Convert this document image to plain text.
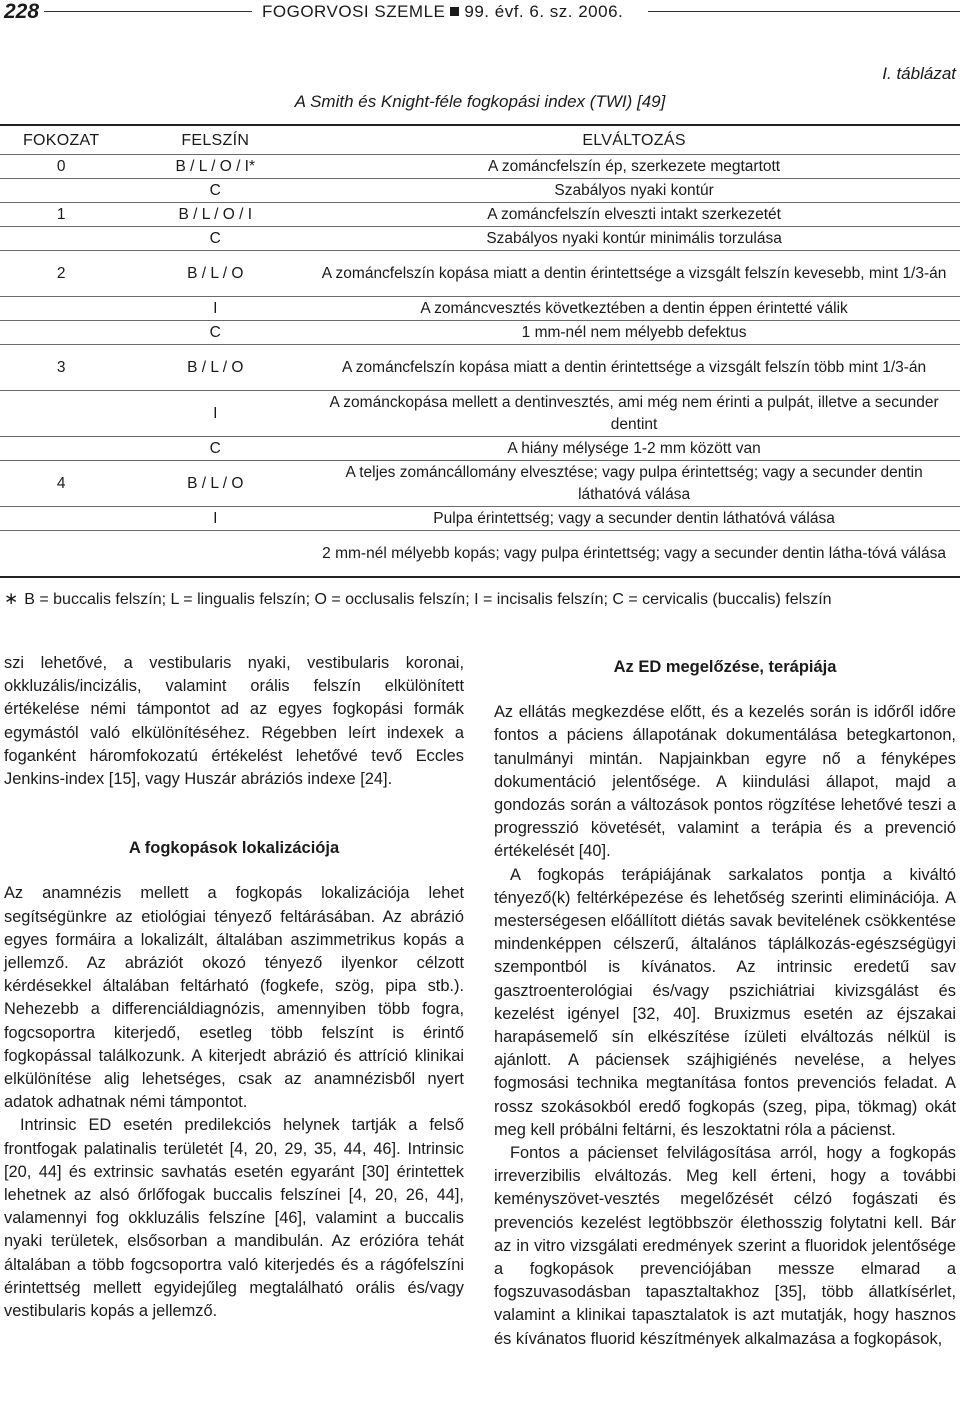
228	FOGORVOSI SZEMLE 99. évf. 6. sz. 2006.
I. táblázat
A Smith és Knight-féle fogkopási index (TWI) [49]
FOKOZAT	FELSZÍN	ELVÁLTOZÁS
0	B / L / O / I*	A zománcfelszín ép, szerkezete megtartott
	C	Szabályos nyaki kontúr
1	B / L / O / I	A zománcfelszín elveszti intakt szerkezetét
	C	Szabályos nyaki kontúr minimális torzulása
2	B / L / O	A zománcfelszín kopása miatt a dentin érintettsége a vizsgált felszín kevesebb, mint 1/3-án
	I	A zománcvesztés következtében a dentin éppen érintetté válik
	C	1 mm-nél nem mélyebb defektus
3	B / L / O	A zománcfelszín kopása miatt a dentin érintettsége a vizsgált felszín több mint 1/3-án
	I	A zománckopása mellett a dentinvesztés, ami még nem érinti a pulpát, illetve a secunder dentint
	C	A hiány mélysége 1-2 mm között van
4	B / L / O	A teljes zománcállomány elvesztése; vagy pulpa érintettség; vagy a secunder dentin láthatóvá válása
	I	Pulpa érintettség; vagy a secunder dentin láthatóvá válása
		2 mm-nél mélyebb kopás; vagy pulpa érintettség; vagy a secunder dentin látha-tóvá válása
∗ B = buccalis felszín; L = lingualis felszín; O = occlusalis felszín; I = incisalis felszín; C = cervicalis (buccalis) felszín

szi lehetővé, a vestibularis nyaki, vestibularis koronai, okkluzális/incizális, valamint orális felszín elkülönített értékelése némi támpontot ad az egyes fogkopási formák egymástól való elkülönítéséhez. Régebben leírt indexek a foganként háromfokozatú értékelést lehetővé tevő Eccles Jenkins-index [15], vagy Huszár abráziós indexe [24].

A fogkopások lokalizációja

Az anamnézis mellett a fogkopás lokalizációja lehet segítségünkre az etiológiai tényező feltárásában. Az abrázió egyes formáira a lokalizált, általában aszimmetrikus kopás a jellemző. Az abráziót okozó tényező ilyenkor célzott kérdésekkel általában feltárható (fogkefe, szög, pipa stb.). Nehezebb a differenciáldiagnózis, amennyiben több fogra, fogcsoportra kiterjedő, esetleg több felszínt is érintő fogkopással találkozunk. A kiterjedt abrázió és attríció klinikai elkülönítése alig lehetséges, csak az anamnézisből nyert adatok adhatnak némi támpontot.

Intrinsic ED esetén predilekciós helynek tartják a felső frontfogak palatinalis területét [4, 20, 29, 35, 44, 46]. Intrinsic [20, 44] és extrinsic savhatás esetén egyaránt [30] érintettek lehetnek az alsó őrlőfogak buccalis felszínei [4, 20, 26, 44], valamennyi fog okkluzális felszíne [46], valamint a buccalis nyaki területek, elsősorban a mandibulán. Az erózióra tehát általában a több fogcsoportra való kiterjedés és a rágófelszíni érintettség mellett egyidejűleg megtalálható orális és/vagy vestibularis kopás a jellemző.

Az ED megelőzése, terápiája

Az ellátás megkezdése előtt, és a kezelés során is időről időre fontos a páciens állapotának dokumentálása betegkartonon, tanulmányi mintán. Napjainkban egyre nő a fényképes dokumentáció jelentősége. A kiindulási állapot, majd a gondozás során a változások pontos rögzítése lehetővé teszi a progresszió követését, valamint a terápia és a prevenció értékelését [40].

A fogkopás terápiájának sarkalatos pontja a kiváltó tényező(k) feltérképezése és lehetőség szerinti eliminációja. A mesterségesen előállított diétás savak bevitelének csökkentése mindenképpen célszerű, általános táplálkozás-egészségügyi szempontból is kívánatos. Az intrinsic eredetű sav gasztroenterológiai és/vagy pszichiátriai kivizsgálást és kezelést igényel [32, 40]. Bruxizmus esetén az éjszakai harapásemelő sín elkészítése ízületi elváltozás nélkül is ajánlott. A páciensek szájhigiénés nevelése, a helyes fogmosási technika megtanítása fontos prevenciós feladat. A rossz szokásokból eredő fogkopás (szeg, pipa, tökmag) okát meg kell próbálni feltárni, és leszoktatni róla a pácienst.

Fontos a pácienset felvilágosítása arról, hogy a fogkopás irreverzibilis elváltozás. Meg kell érteni, hogy a további keményszövet-vesztés megelőzését célzó fogászati és prevenciós kezelést legtöbbször élethosszig folytatni kell. Bár az in vitro vizsgálati eredmények szerint a fluoridok jelentősége a fogkopások prevenciójában messze elmarad a fogszuvasodásban tapasztaltakhoz [35], több állatkísérlet, valamint a klinikai tapasztalatok is azt mutatják, hogy hasznos és kívánatos fluorid készítmények alkalmazása a fogkopások,
